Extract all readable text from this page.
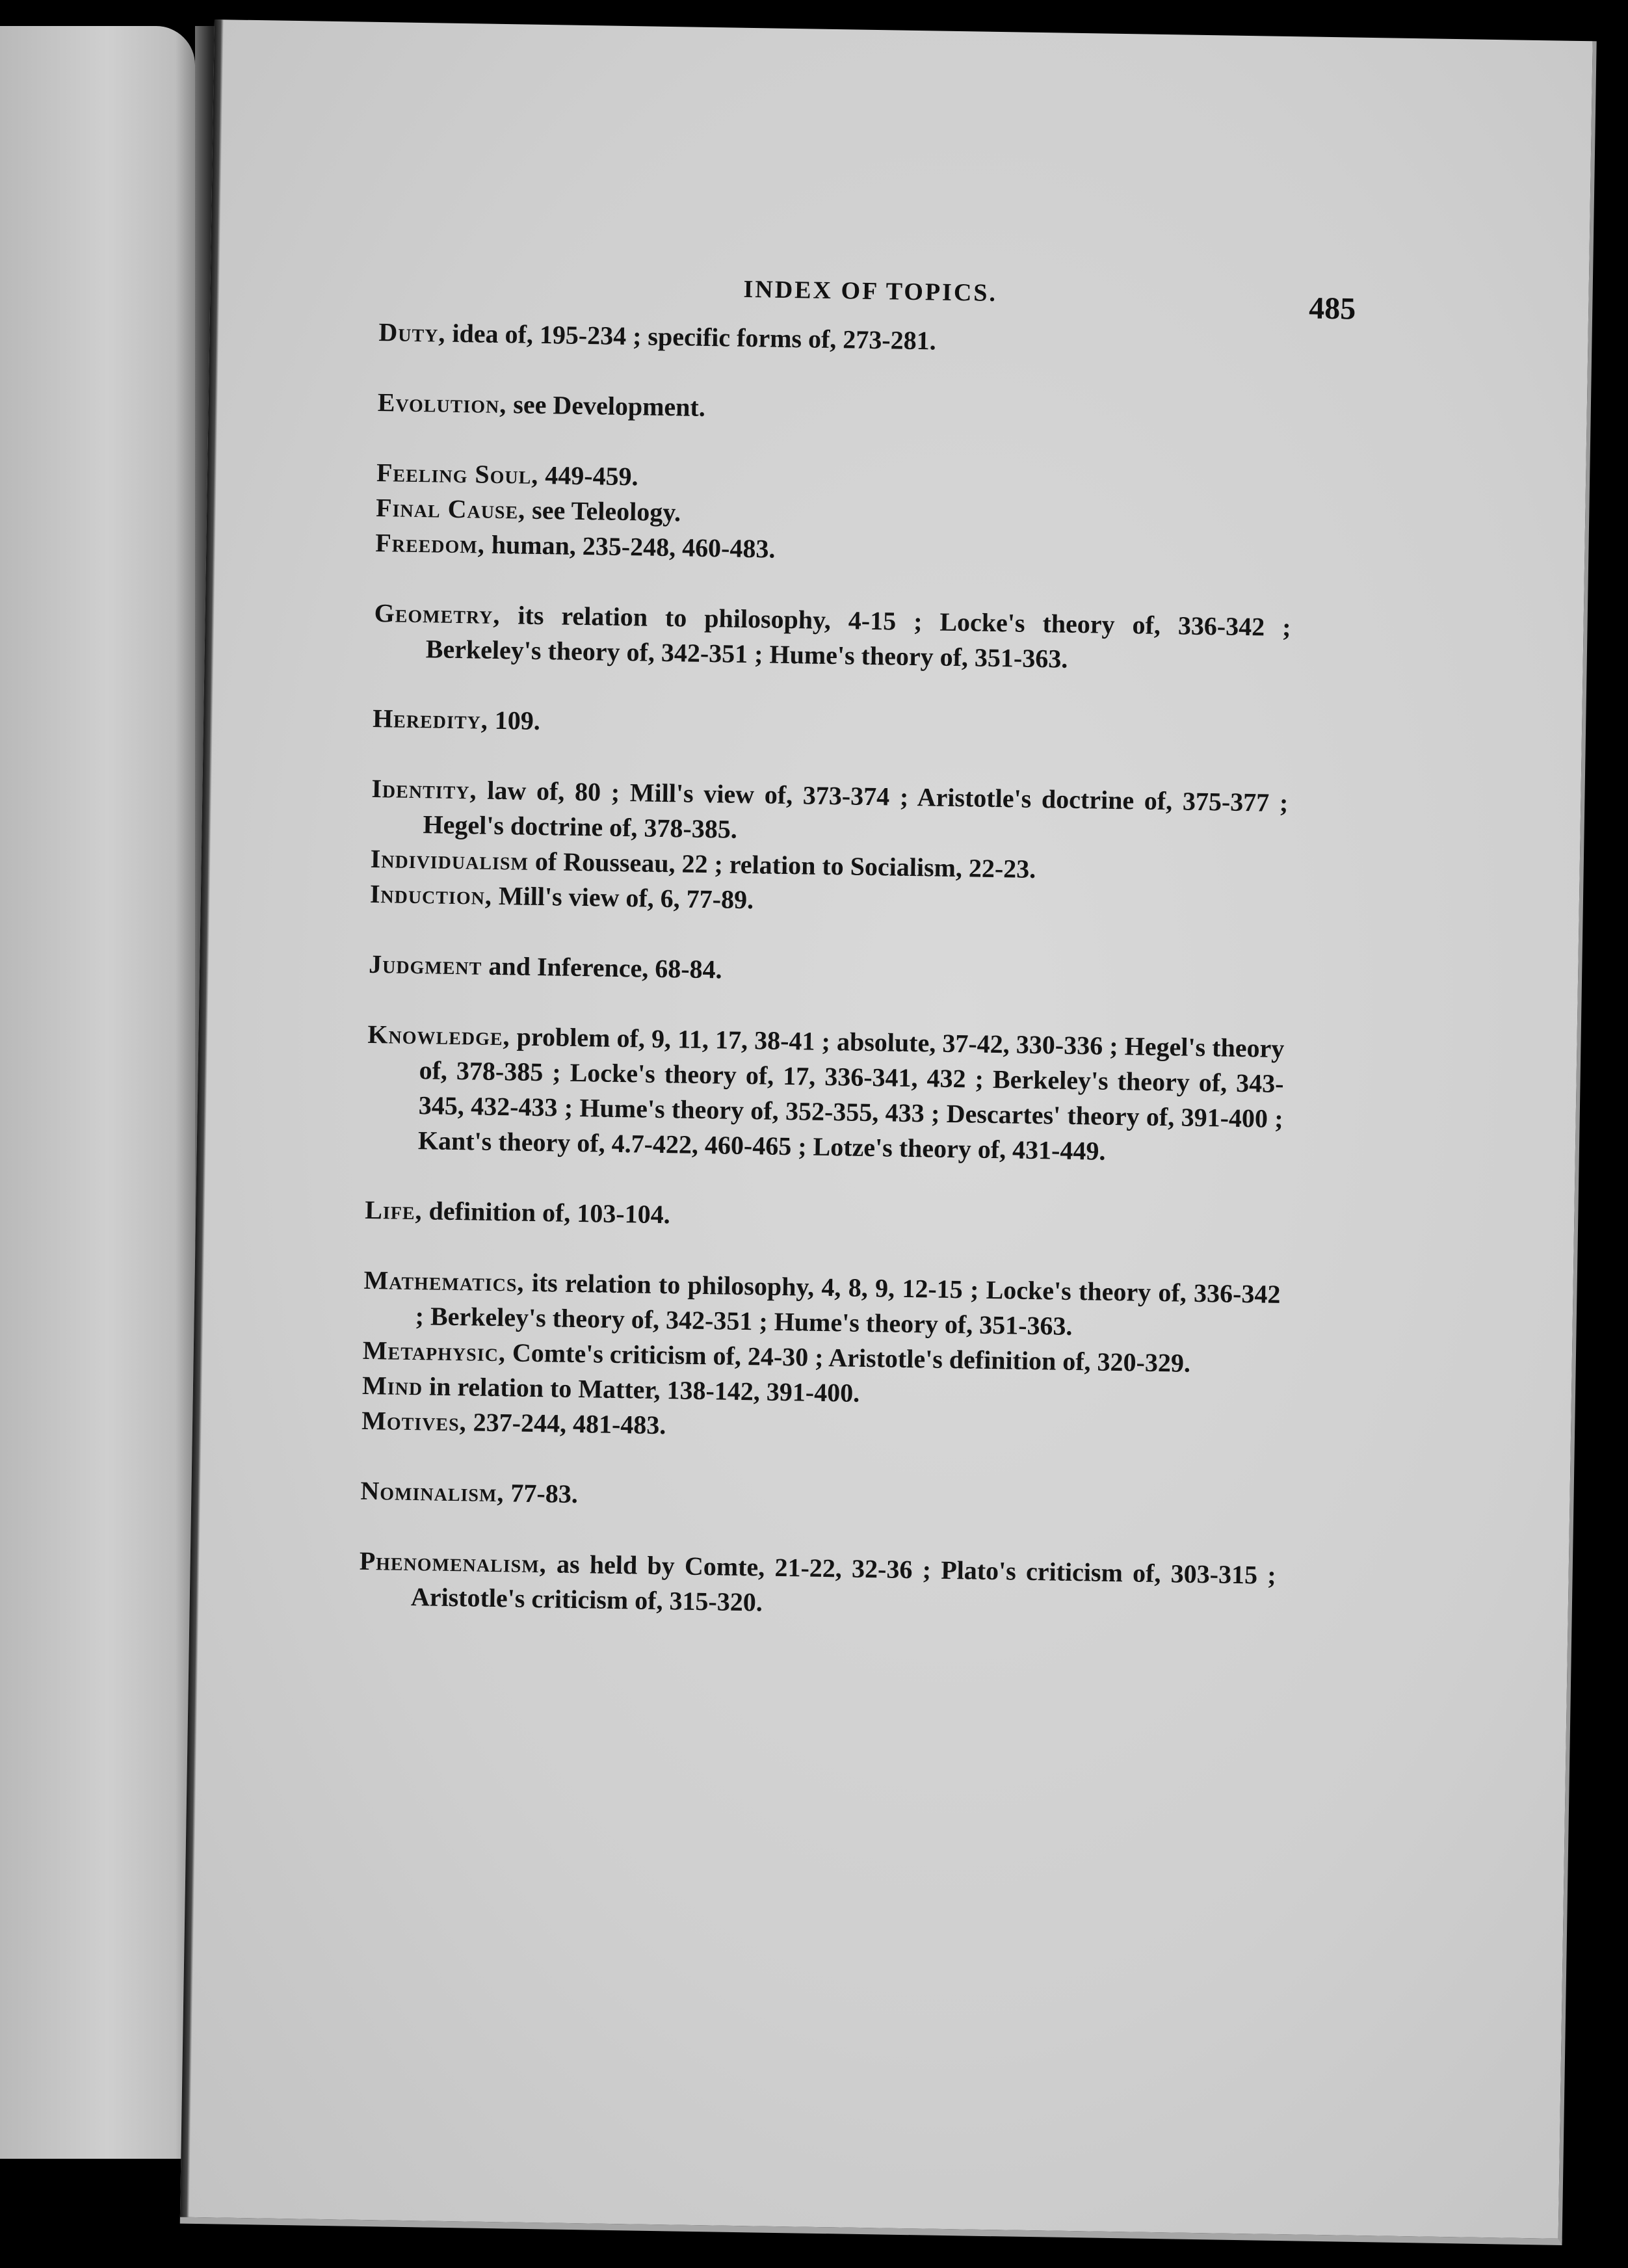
INDEX OF TOPICS.	485

Duty, idea of, 195-234 ; specific forms of, 273-281.

Evolution, see Development.

Feeling Soul, 449-459.

Final Cause, see Teleology.

Freedom, human, 235-248, 460-483.

Geometry, its relation to philosophy, 4-15 ; Locke's theory of, 336-342 ; Berkeley's theory of, 342-351 ; Hume's theory of, 351-363.

Heredity, 109.

Identity, law of, 80 ; Mill's view of, 373-374 ; Aristotle's doctrine of, 375-377 ; Hegel's doctrine of, 378-385.

Individualism of Rousseau, 22 ; relation to Socialism, 22-23.

Induction, Mill's view of, 6, 77-89.

Judgment and Inference, 68-84.

Knowledge, problem of, 9, 11, 17, 38-41 ; absolute, 37-42, 330-336 ; Hegel's theory of, 378-385 ; Locke's theory of, 17, 336-341, 432 ; Berkeley's theory of, 343-345, 432-433 ; Hume's theory of, 352-355, 433 ; Descartes' theory of, 391-400 ; Kant's theory of, 4.7-422, 460-465 ; Lotze's theory of, 431-449.

Life, definition of, 103-104.

Mathematics, its relation to philosophy, 4, 8, 9, 12-15 ; Locke's theory of, 336-342 ; Berkeley's theory of, 342-351 ; Hume's theory of, 351-363.

Metaphysic, Comte's criticism of, 24-30 ; Aristotle's definition of, 320-329.

Mind in relation to Matter, 138-142, 391-400.

Motives, 237-244, 481-483.

Nominalism, 77-83.

Phenomenalism, as held by Comte, 21-22, 32-36 ; Plato's criticism of, 303-315 ; Aristotle's criticism of, 315-320.
